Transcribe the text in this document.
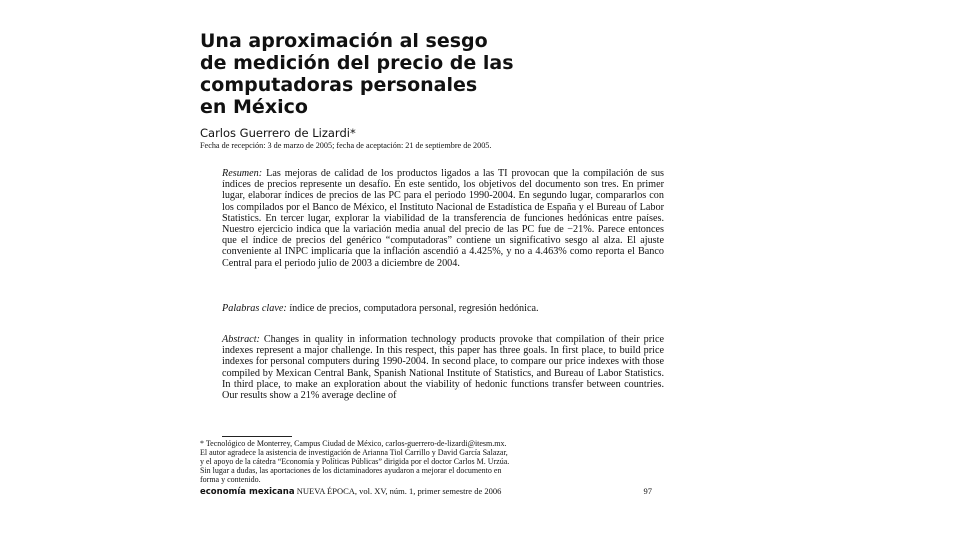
Una aproximación al sesgo
de medición del precio de las
computadoras personales
en México
Carlos Guerrero de Lizardi*
Fecha de recepción: 3 de marzo de 2005; fecha de aceptación: 21 de septiembre de 2005.

Resumen: Las mejoras de calidad de los productos ligados a las TI provocan que la compilación de sus índices de precios represente un desafío. En este sentido, los objetivos del documento son tres. En primer lugar, elaborar índices de precios de las PC para el periodo 1990-2004. En segundo lugar, compararlos con los compilados por el Banco de México, el Instituto Nacional de Estadística de España y el Bureau of Labor Statistics. En tercer lugar, explorar la viabilidad de la transferencia de funciones hedónicas entre países. Nuestro ejercicio indica que la variación media anual del precio de las PC fue de −21%. Parece entonces que el índice de precios del genérico “computadoras” contiene un significativo sesgo al alza. El ajuste conveniente al INPC implicaría que la inflación ascendió a 4.425%, y no a 4.463% como reporta el Banco Central para el periodo julio de 2003 a diciembre de 2004.

Palabras clave: índice de precios, computadora personal, regresión hedónica.

Abstract: Changes in quality in information technology products provoke that compilation of their price indexes represent a major challenge. In this respect, this paper has three goals. In first place, to build price indexes for personal computers during 1990-2004. In second place, to compare our price indexes with those compiled by Mexican Central Bank, Spanish National Institute of Statistics, and Bureau of Labor Statistics. In third place, to make an exploration about the viability of hedonic functions transfer between countries. Our results show a 21% average decline of

* Tecnológico de Monterrey, Campus Ciudad de México, carlos-guerrero-de-lizardi@itesm.mx.
El autor agradece la asistencia de investigación de Arianna Tiol Carrillo y David García Salazar,
y el apoyo de la cátedra “Economía y Políticas Públicas” dirigida por el doctor Carlos M. Urzúa.
Sin lugar a dudas, las aportaciones de los dictaminadores ayudaron a mejorar el documento en
forma y contenido.

economía mexicana NUEVA ÉPOCA, vol. XV, núm. 1, primer semestre de 2006	97
